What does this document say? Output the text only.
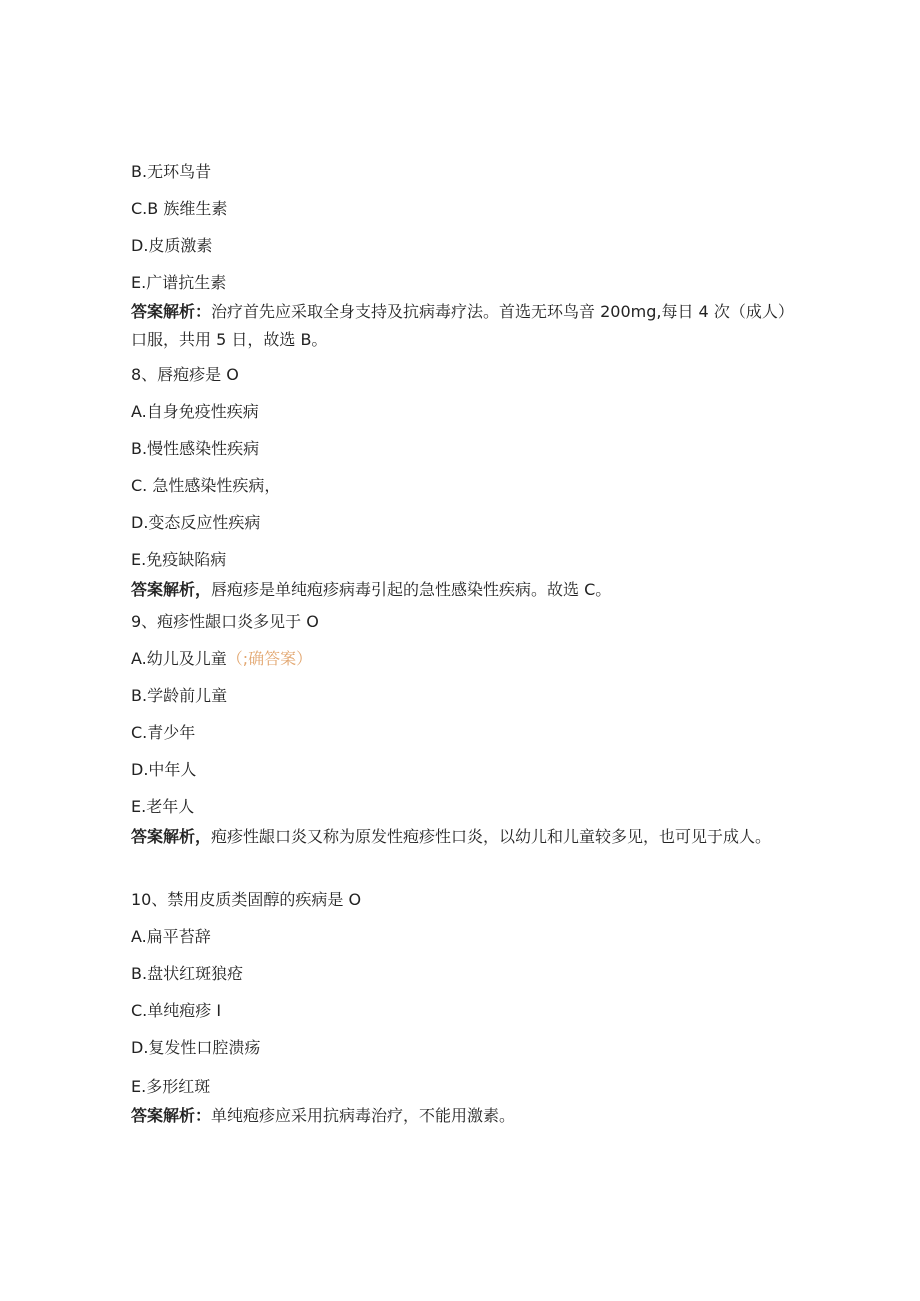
B.无环鸟昔
C.B 族维生素
D.皮质激素
E.广谱抗生素
答案解析：治疗首先应采取全身支持及抗病毒疗法。首选无环鸟音 200mg,每日 4 次（成人）口服，共用 5 日，故选 B。
8、唇疱疹是 O
A.自身免疫性疾病
B.慢性感染性疾病
C. 急性感染性疾病，
D.变态反应性疾病
E.免疫缺陷病
答案解析，唇疱疹是单纯疱疹病毒引起的急性感染性疾病。故选 C。
9、疱疹性龈口炎多见于 O
A.幼儿及儿童（;确答案）
B.学龄前儿童
C.青少年
D.中年人
E.老年人
答案解析，疱疹性龈口炎又称为原发性疱疹性口炎，以幼儿和儿童较多见，也可见于成人。
10、禁用皮质类固醇的疾病是 O
A.扁平苔辞
B.盘状红斑狼疮
C.单纯疱疹 I
D.复发性口腔溃疡
E.多形红斑
答案解析：单纯疱疹应采用抗病毒治疗，不能用激素。
